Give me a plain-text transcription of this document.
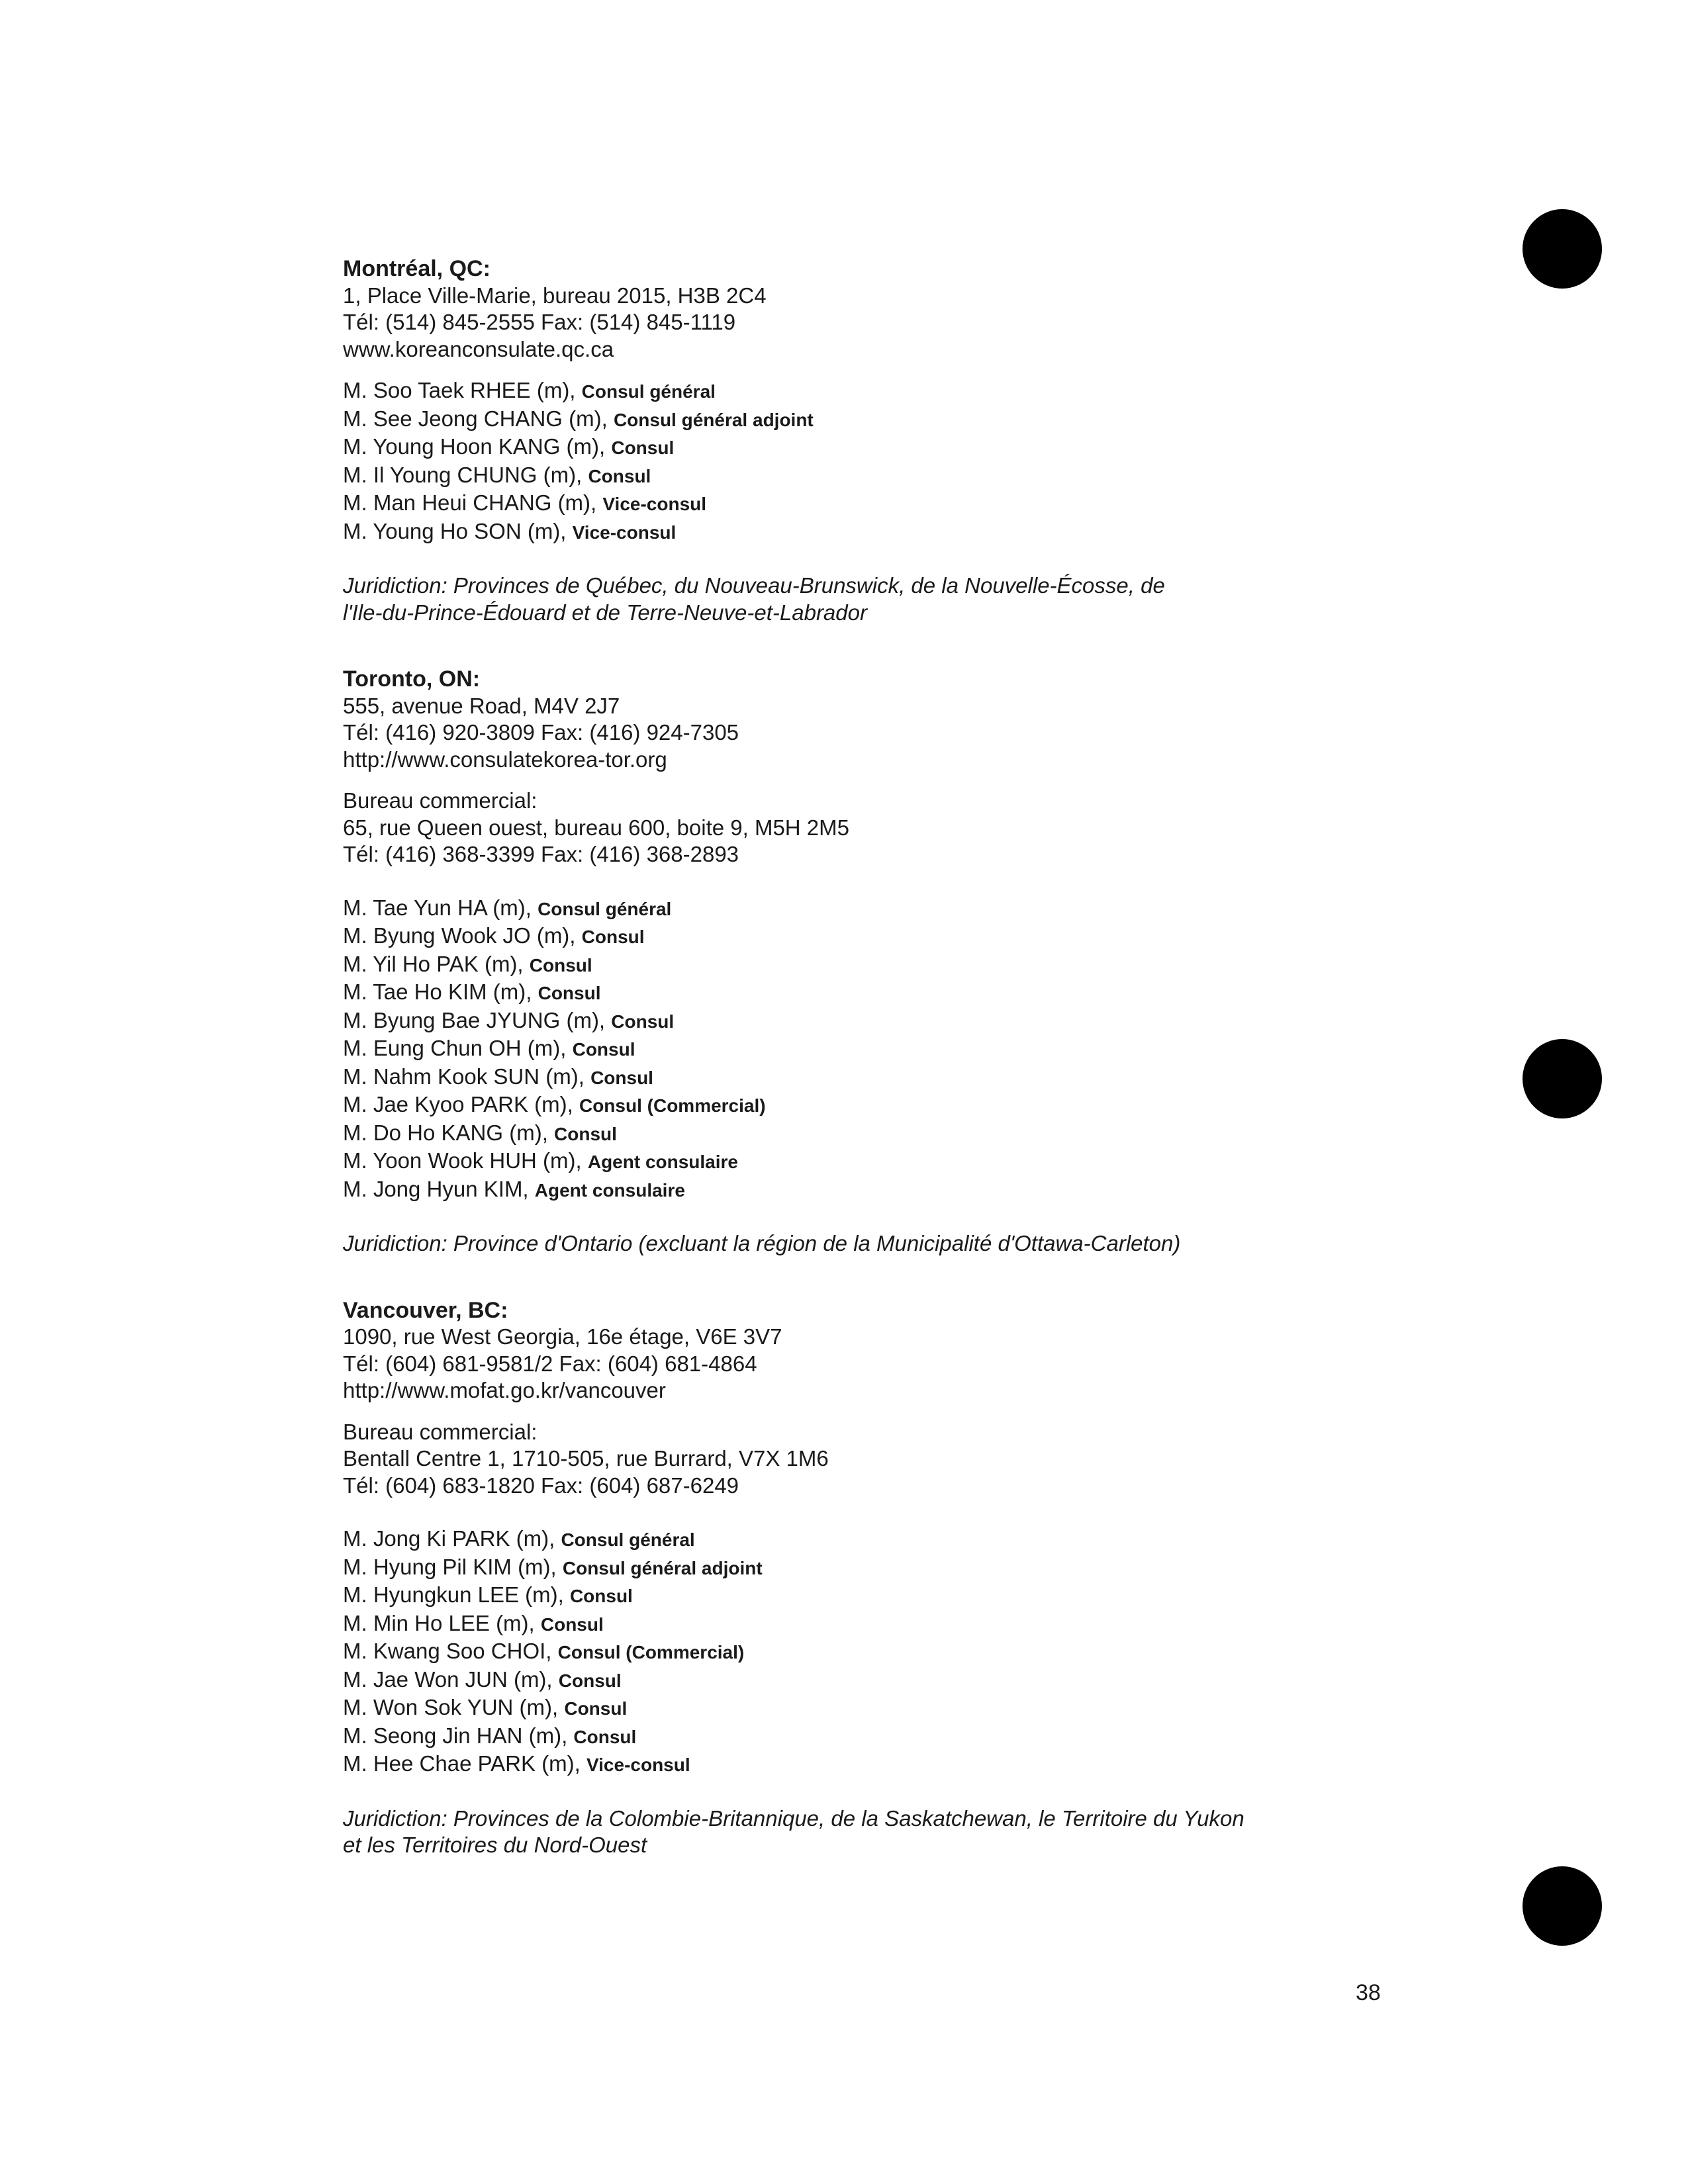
Montréal, QC:
1, Place Ville-Marie, bureau 2015, H3B 2C4
Tél: (514) 845-2555 Fax: (514) 845-1119
www.koreanconsulate.qc.ca
M. Soo Taek RHEE (m), Consul général
M. See Jeong CHANG (m), Consul général adjoint
M. Young Hoon KANG (m), Consul
M. Il Young CHUNG (m), Consul
M. Man Heui CHANG (m), Vice-consul
M. Young Ho SON (m), Vice-consul
Juridiction: Provinces de Québec, du Nouveau-Brunswick, de la Nouvelle-Écosse, de
l'Ile-du-Prince-Édouard et de Terre-Neuve-et-Labrador
Toronto, ON:
555, avenue Road, M4V 2J7
Tél: (416) 920-3809 Fax: (416) 924-7305
http://www.consulatekorea-tor.org
Bureau commercial:
65, rue Queen ouest, bureau 600, boite 9, M5H 2M5
Tél: (416) 368-3399 Fax: (416) 368-2893
M. Tae Yun HA (m), Consul général
M. Byung Wook JO (m), Consul
M. Yil Ho PAK (m), Consul
M. Tae Ho KIM (m), Consul
M. Byung Bae JYUNG (m), Consul
M. Eung Chun OH (m), Consul
M. Nahm Kook SUN (m), Consul
M. Jae Kyoo PARK (m), Consul (Commercial)
M. Do Ho KANG (m), Consul
M. Yoon Wook HUH (m), Agent consulaire
M. Jong Hyun KIM, Agent consulaire
Juridiction: Province d'Ontario (excluant la région de la Municipalité d'Ottawa-Carleton)
Vancouver, BC:
1090, rue West Georgia, 16e étage, V6E 3V7
Tél: (604) 681-9581/2 Fax: (604) 681-4864
http://www.mofat.go.kr/vancouver
Bureau commercial:
Bentall Centre 1, 1710-505, rue Burrard, V7X 1M6
Tél: (604) 683-1820 Fax: (604) 687-6249
M. Jong Ki PARK (m), Consul général
M. Hyung Pil KIM (m), Consul général adjoint
M. Hyungkun LEE (m), Consul
M. Min Ho LEE (m), Consul
M. Kwang Soo CHOI, Consul (Commercial)
M. Jae Won JUN (m), Consul
M. Won Sok YUN (m), Consul
M. Seong Jin HAN (m), Consul
M. Hee Chae PARK (m), Vice-consul
Juridiction: Provinces de la Colombie-Britannique, de la Saskatchewan, le Territoire du Yukon
et les Territoires du Nord-Ouest
38
